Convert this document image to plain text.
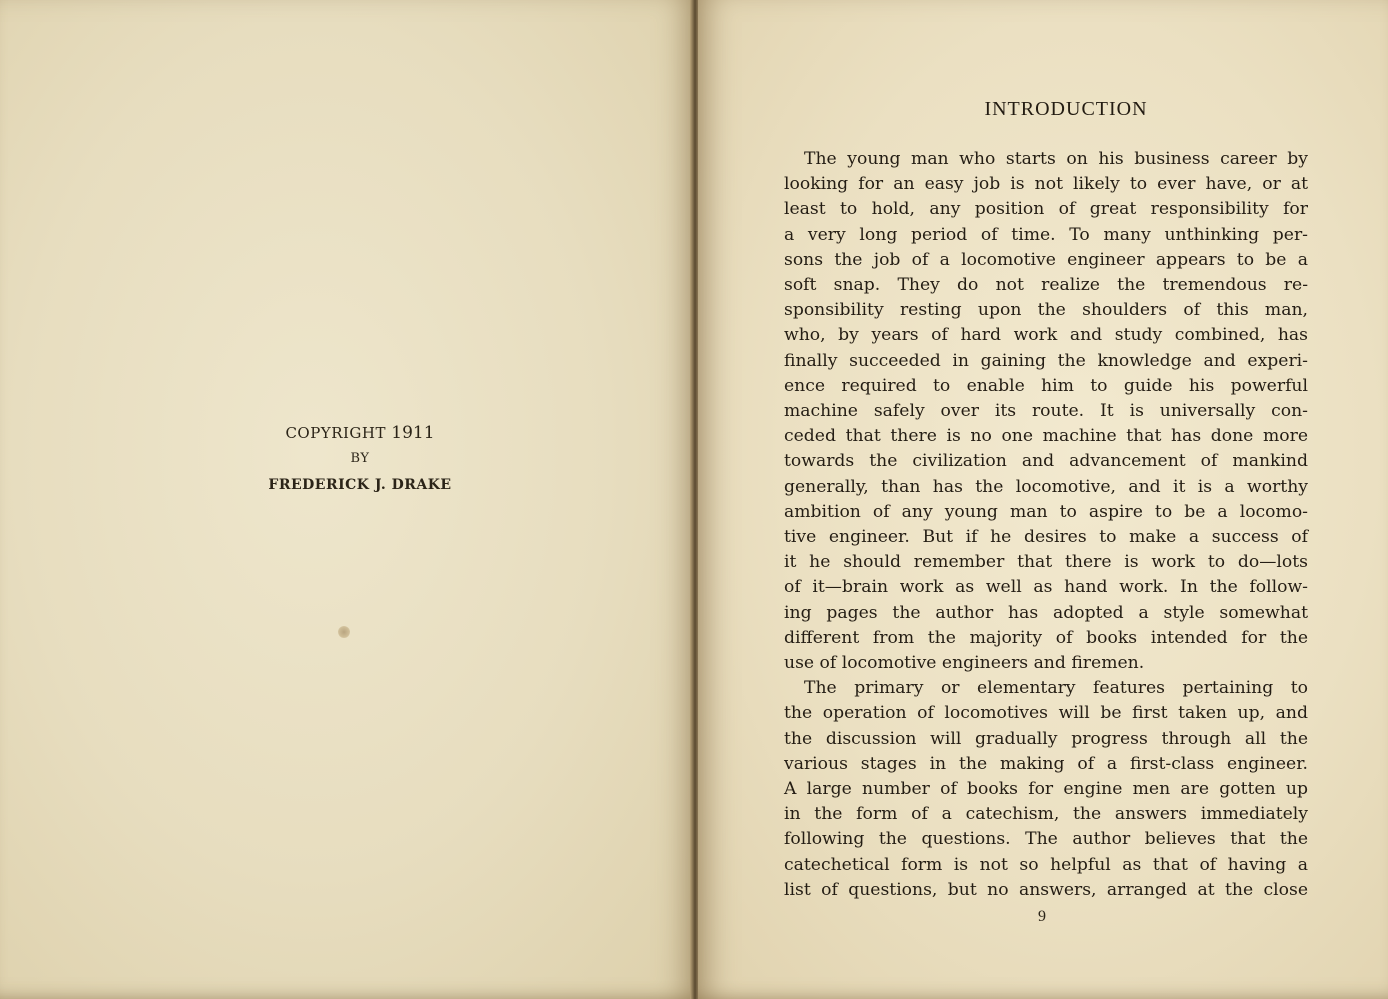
COPYRIGHT 1911
BY
FREDERICK J. DRAKE
INTRODUCTION

The young man who starts on his business career by

looking for an easy job is not likely to ever have, or at

least to hold, any position of great responsibility for

a very long period of time. To many unthinking per-

sons the job of a locomotive engineer appears to be a

soft snap. They do not realize the tremendous re-

sponsibility resting upon the shoulders of this man,

who, by years of hard work and study combined, has

finally succeeded in gaining the knowledge and experi-

ence required to enable him to guide his powerful

machine safely over its route. It is universally con-

ceded that there is no one machine that has done more

towards the civilization and advancement of mankind

generally, than has the locomotive, and it is a worthy

ambition of any young man to aspire to be a locomo-

tive engineer. But if he desires to make a success of

it he should remember that there is work to do—lots

of it—brain work as well as hand work. In the follow-

ing pages the author has adopted a style somewhat

different from the majority of books intended for the

use of locomotive engineers and firemen.

The primary or elementary features pertaining to

the operation of locomotives will be first taken up, and

the discussion will gradually progress through all the

various stages in the making of a first-class engineer.

A large number of books for engine men are gotten up

in the form of a catechism, the answers immediately

following the questions. The author believes that the

catechetical form is not so helpful as that of having a

list of questions, but no answers, arranged at the close

9
